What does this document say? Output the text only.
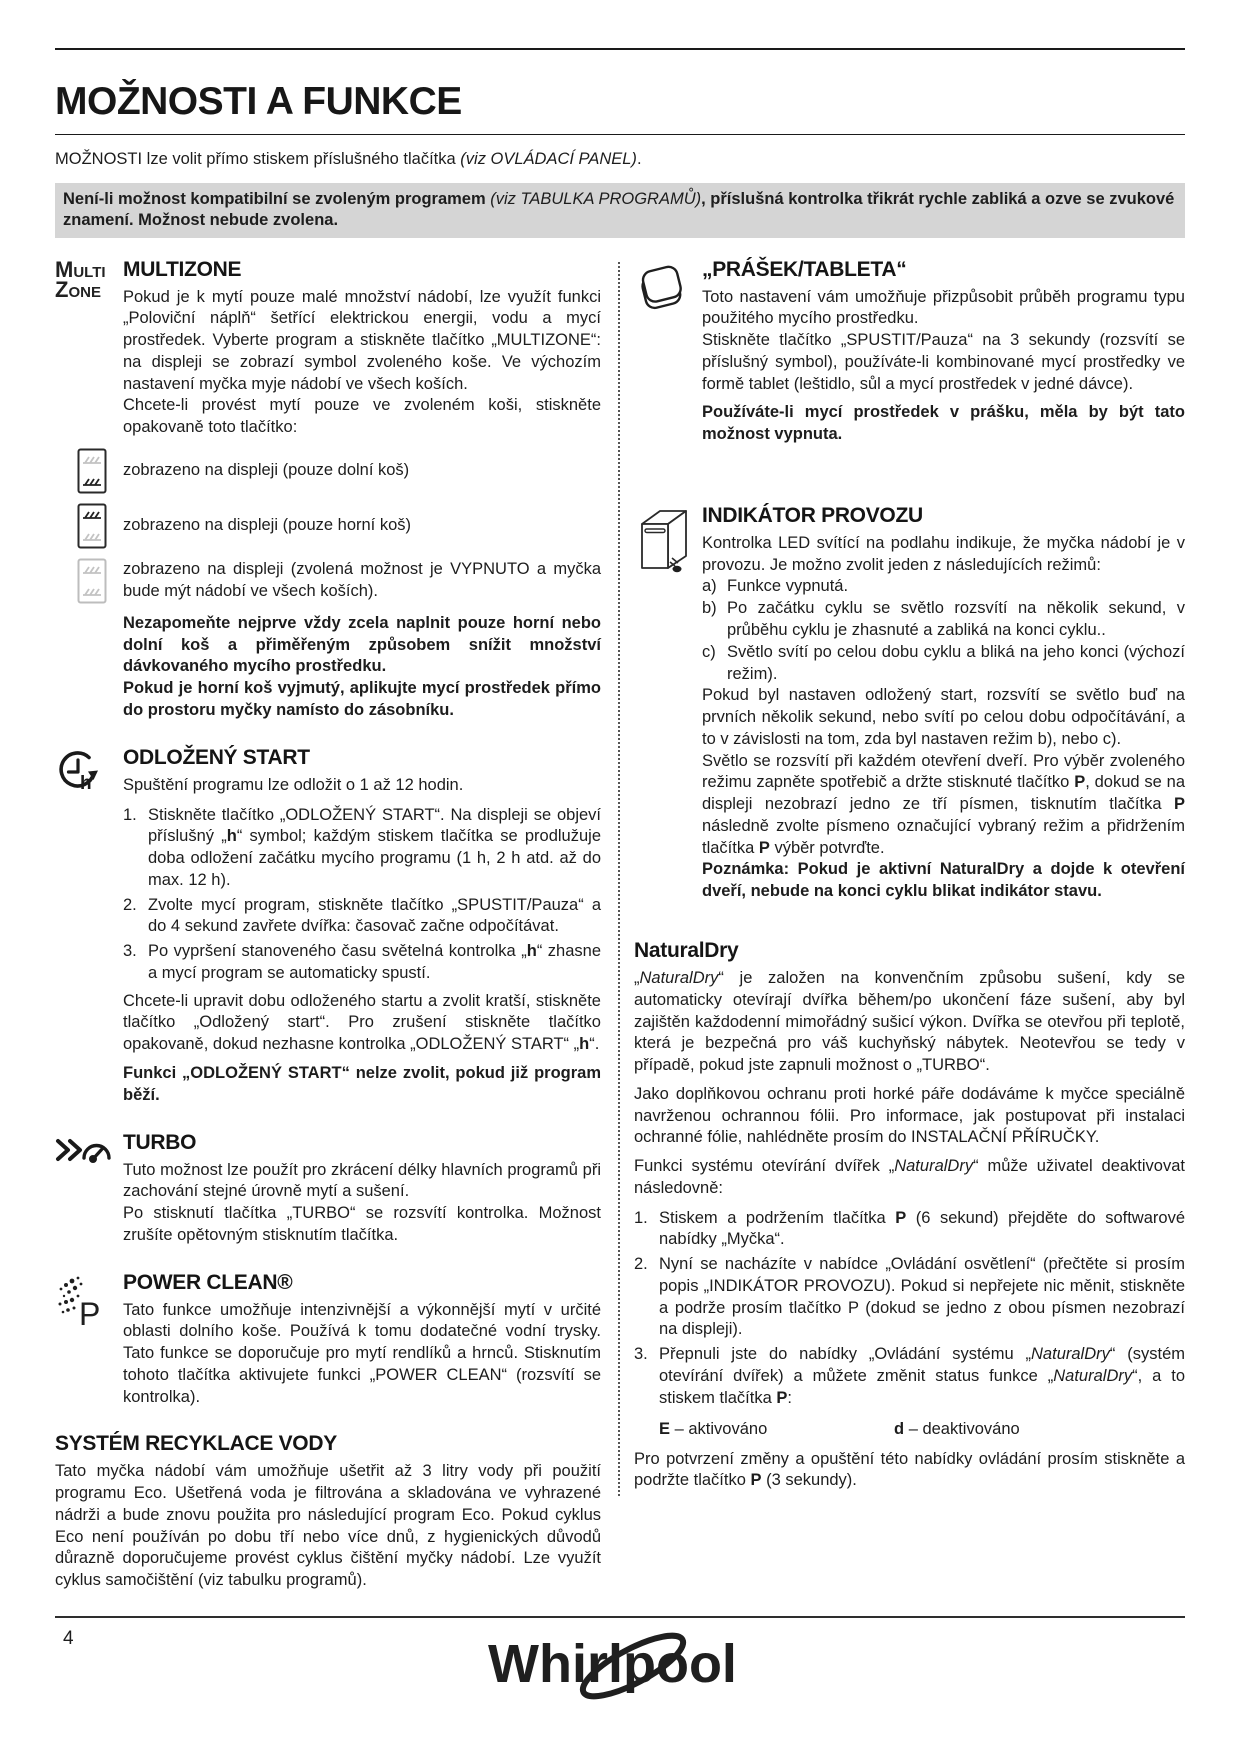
MOŽNOSTI A FUNKCE

MOŽNOSTI lze volit přímo stiskem příslušného tlačítka (viz OVLÁDACÍ PANEL).

Není-li možnost kompatibilní se zvoleným programem (viz TABULKA PROGRAMŮ), příslušná kontrolka třikrát rychle zabliká a ozve se zvukové znamení. Možnost nebude zvolena.

Multi
Zone
MULTIZONE

Pokud je k mytí pouze malé množství nádobí, lze využít funkci „Poloviční náplň“ šetřící elektrickou energii, vodu a mycí prostředek. Vyberte program a stiskněte tlačítko „MULTIZONE“: na displeji se zobrazí symbol zvoleného koše. Ve výchozím nastavení myčka myje nádobí ve všech koších.

Chcete-li provést mytí pouze ve zvoleném koši, stiskněte opakovaně toto tlačítko:

zobrazeno na displeji (pouze dolní koš)

zobrazeno na displeji (pouze horní koš)

zobrazeno na displeji (zvolená možnost je VYPNUTO a myčka bude mýt nádobí ve všech koších).

Nezapomeňte nejprve vždy zcela naplnit pouze horní nebo dolní koš a přiměřeným způsobem snížit množství dávkovaného mycího prostředku.

Pokud je horní koš vyjmutý, aplikujte mycí prostředek přímo do prostoru myčky namísto do zásobníku.

h
ODLOŽENÝ START

Spuštění programu lze odložit o 1 až 12 hodin.

1. Stiskněte tlačítko „ODLOŽENÝ START“. Na displeji se objeví příslušný „h“ symbol; každým stiskem tlačítka se prodlužuje doba odložení začátku mycího programu (1 h, 2 h atd. až do max. 12 h).

2. Zvolte mycí program, stiskněte tlačítko „SPUSTIT/Pauza“ a do 4 sekund zavřete dvířka: časovač začne odpočítávat.

3. Po vypršení stanoveného času světelná kontrolka „h“ zhasne a mycí program se automaticky spustí.

Chcete-li upravit dobu odloženého startu a zvolit kratší, stiskněte tlačítko „Odložený start“. Pro zrušení stiskněte tlačítko opakovaně, dokud nezhasne kontrolka „ODLOŽENÝ START“ „h“.

Funkci „ODLOŽENÝ START“ nelze zvolit, pokud již program běží.

TURBO

Tuto možnost lze použít pro zkrácení délky hlavních programů při zachování stejné úrovně mytí a sušení.

Po stisknutí tlačítka „TURBO“ se rozsvítí kontrolka. Možnost zrušíte opětovným stisknutím tlačítka.

P
POWER CLEAN®

Tato funkce umožňuje intenzivnější a výkonnější mytí v určité oblasti dolního koše. Používá k tomu dodatečné vodní trysky. Tato funkce se doporučuje pro mytí rendlíků a hrnců. Stisknutím tohoto tlačítka aktivujete funkci „POWER CLEAN“ (rozsvítí se kontrolka).

SYSTÉM RECYKLACE VODY

Tato myčka nádobí vám umožňuje ušetřit až 3 litry vody při použití programu Eco. Ušetřená voda je filtrována a skladována ve vyhrazené nádrži a bude znovu použita pro následující program Eco. Pokud cyklus Eco není používán po dobu tří nebo více dnů, z hygienických důvodů důrazně doporučujeme provést cyklus čištění myčky nádobí. Lze využít cyklus samočištění (viz tabulku programů).

„PRÁŠEK/TABLETA“

Toto nastavení vám umožňuje přizpůsobit průběh programu typu použitého mycího prostředku.

Stiskněte tlačítko „SPUSTIT/Pauza“ na 3 sekundy (rozsvítí se příslušný symbol), používáte-li kombinované mycí prostředky ve formě tablet (leštidlo, sůl a mycí prostředek v jedné dávce).

Používáte-li mycí prostředek v prášku, měla by být tato možnost vypnuta.

INDIKÁTOR PROVOZU

Kontrolka LED svítící na podlahu indikuje, že myčka nádobí je v provozu. Je možno zvolit jeden z následujících režimů:

a) Funkce vypnutá.

b) Po začátku cyklu se světlo rozsvítí na několik sekund, v průběhu cyklu je zhasnuté a zabliká na konci cyklu..

c) Světlo svítí po celou dobu cyklu a bliká na jeho konci (výchozí režim).

Pokud byl nastaven odložený start, rozsvítí se světlo buď na prvních několik sekund, nebo svítí po celou dobu odpočítávání, a to v závislosti na tom, zda byl nastaven režim b), nebo c).

Světlo se rozsvítí při každém otevření dveří. Pro výběr zvoleného režimu zapněte spotřebič a držte stisknuté tlačítko P, dokud se na displeji nezobrazí jedno ze tří písmen, tisknutím tlačítka P následně zvolte písmeno označující vybraný režim a přidržením tlačítka P výběr potvrďte.

Poznámka: Pokud je aktivní NaturalDry a dojde k otevření dveří, nebude na konci cyklu blikat indikátor stavu.

NaturalDry

„NaturalDry“ je založen na konvenčním způsobu sušení, kdy se automaticky otevírají dvířka během/po ukončení fáze sušení, aby byl zajištěn každodenní mimořádný sušicí výkon. Dvířka se otevřou při teplotě, která je bezpečná pro váš kuchyňský nábytek. Neotevřou se tedy v případě, pokud jste zapnuli možnost o „TURBO“.

Jako doplňkovou ochranu proti horké páře dodáváme k myčce speciálně navrženou ochrannou fólii. Pro informace, jak postupovat při instalaci ochranné fólie, nahlédněte prosím do INSTALAČNÍ PŘÍRUČKY.

Funkci systému otevírání dvířek „NaturalDry“ může uživatel deaktivovat následovně:

1. Stiskem a podržením tlačítka P (6 sekund) přejděte do softwarové nabídky „Myčka“.

2. Nyní se nacházíte v nabídce „Ovládání osvětlení“ (přečtěte si prosím popis „INDIKÁTOR PROVOZU). Pokud si nepřejete nic měnit, stiskněte a podrže prosím tlačítko P (dokud se jedno z obou písmen nezobrazí na displeji).

3. Přepnuli jste do nabídky „Ovládání systému „NaturalDry“ (systém otevírání dvířek) a můžete změnit status funkce „NaturalDry“, a to stiskem tlačítka P:

E – aktivováno	d – deaktivováno

Pro potvrzení změny a opuštění této nabídky ovládání prosím stiskněte a podržte tlačítko P (3 sekundy).

4	Whirlpool
